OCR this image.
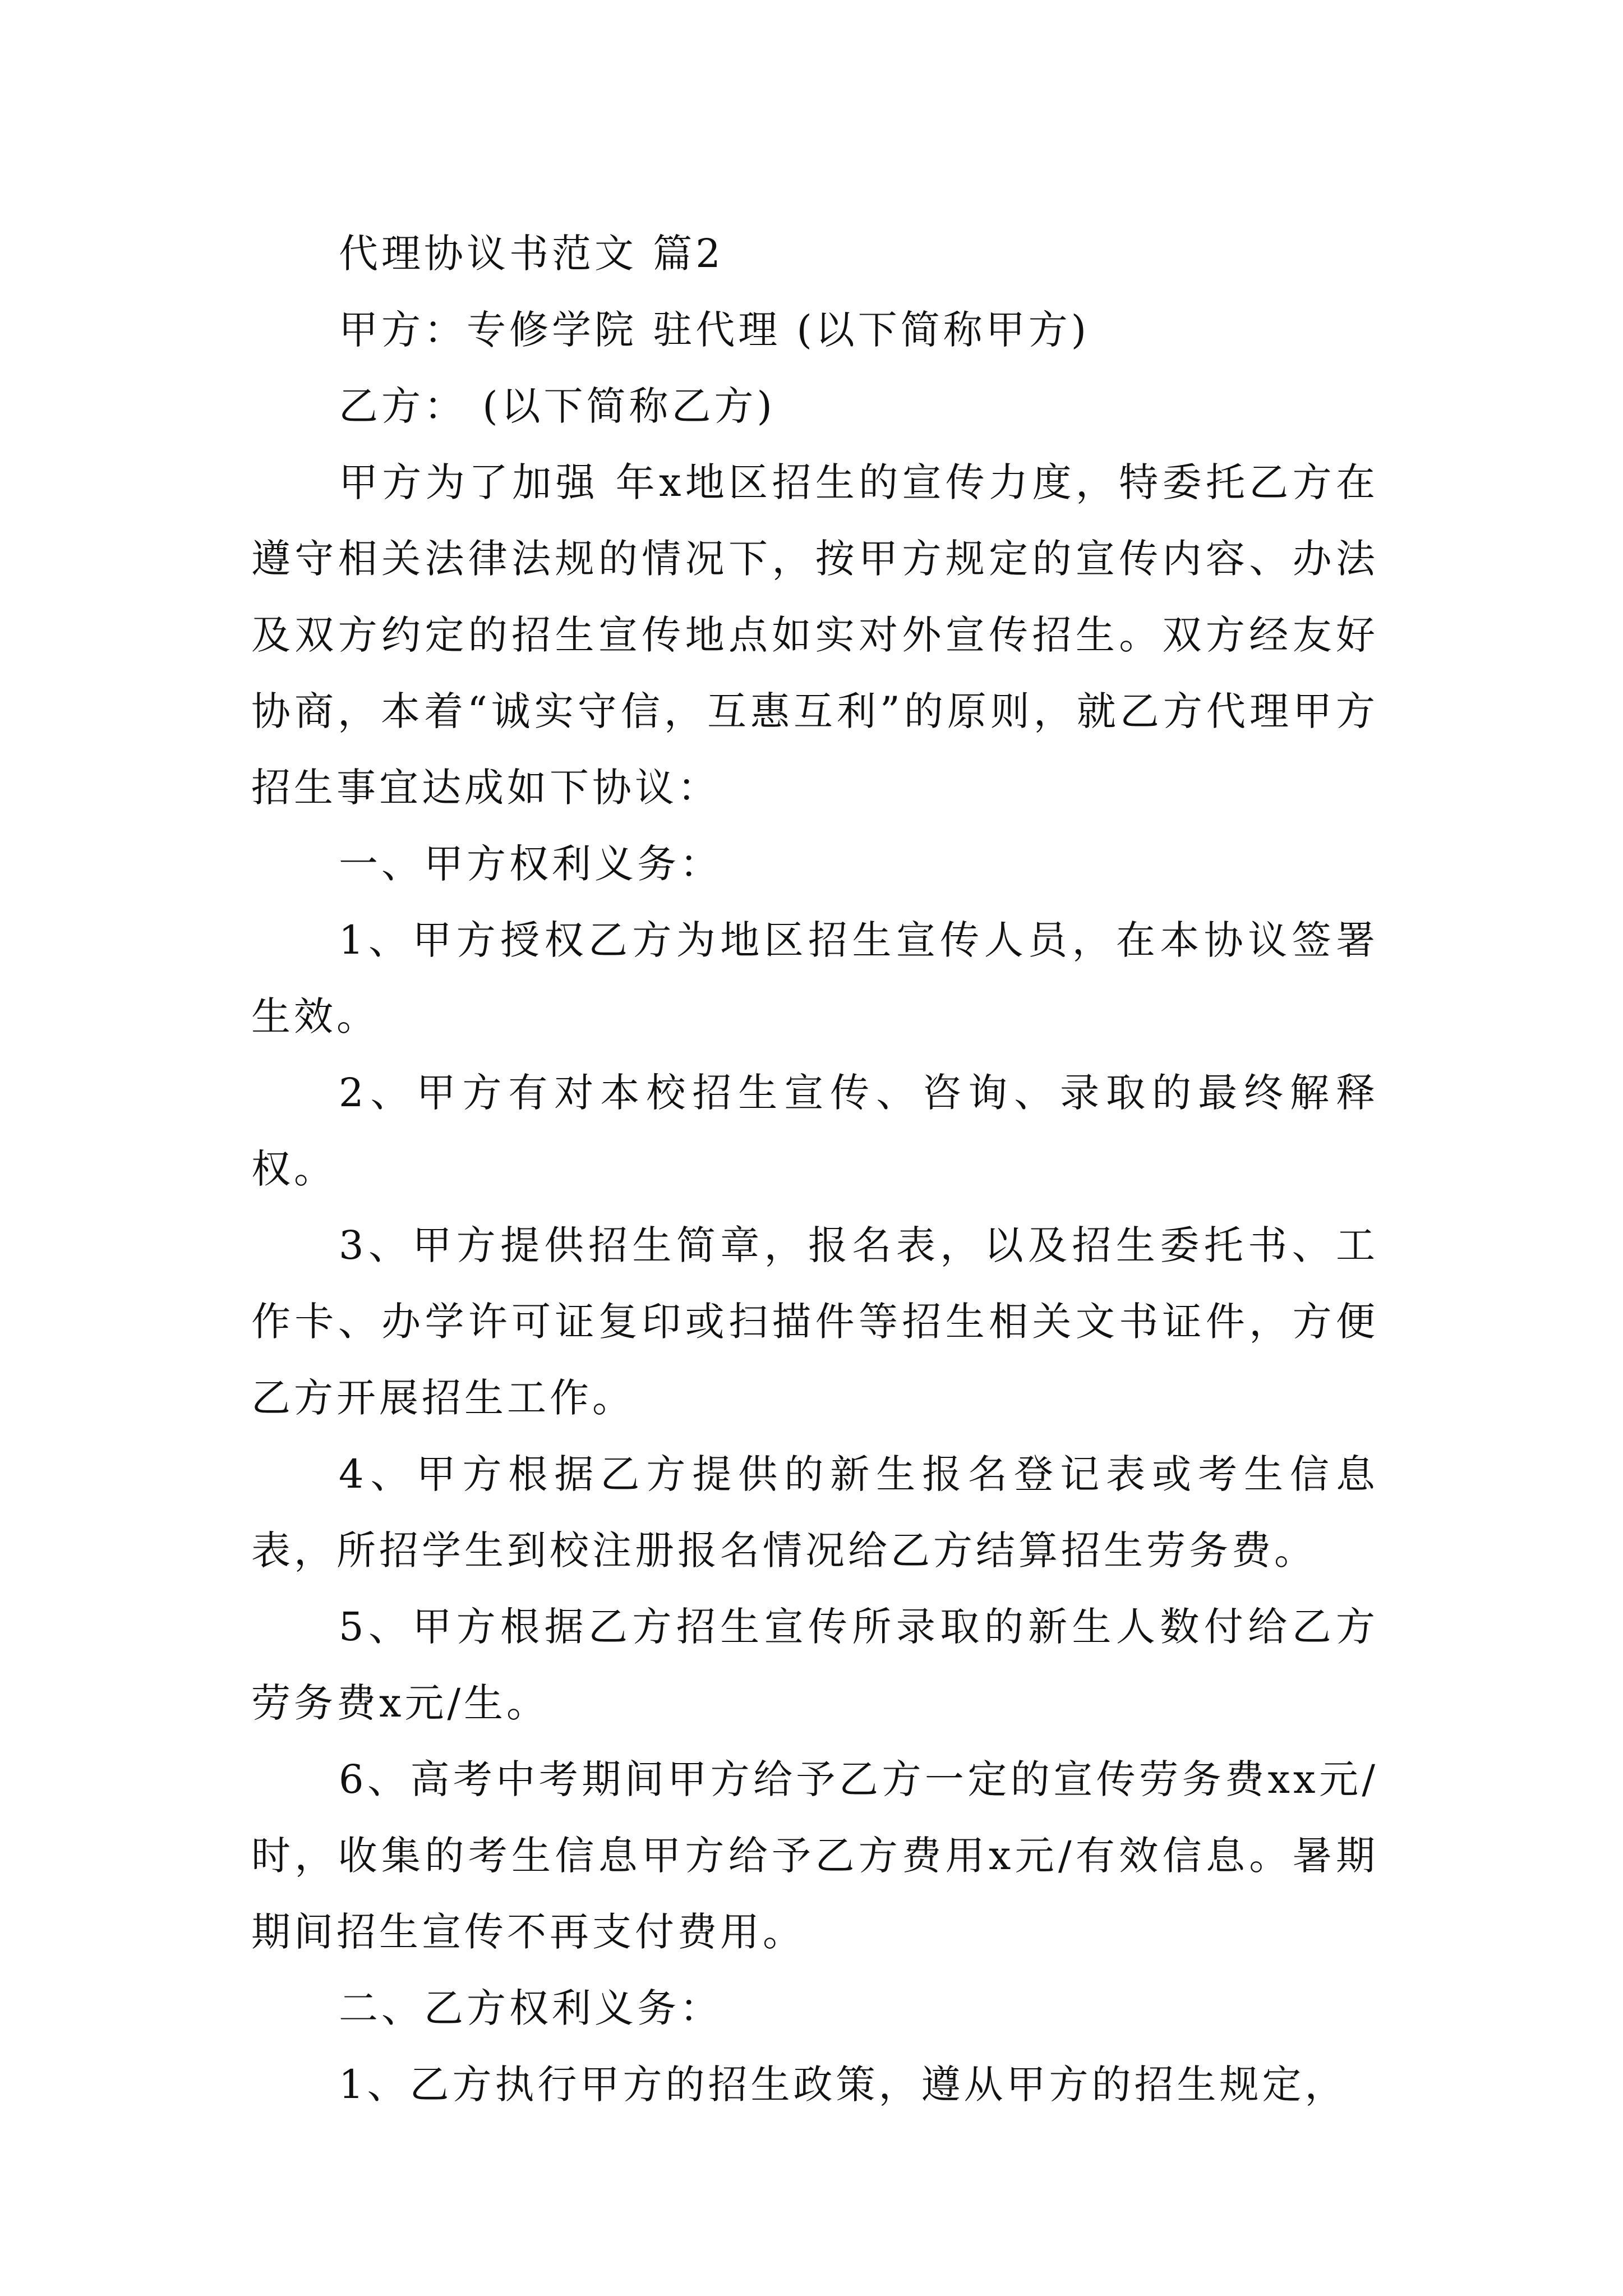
代理协议书范文 篇2

甲方：专修学院 驻代理 (以下简称甲方)

乙方： (以下简称乙方)

甲方为了加强 年x地区招生的宣传力度，特委托乙方在遵守相关法律法规的情况下，按甲方规定的宣传内容、办法及双方约定的招生宣传地点如实对外宣传招生。双方经友好协商，本着“诚实守信，互惠互利”的原则，就乙方代理甲方招生事宜达成如下协议：

一、甲方权利义务：

1、甲方授权乙方为地区招生宣传人员，在本协议签署生效。

2、甲方有对本校招生宣传、咨询、录取的最终解释权。

3、甲方提供招生简章，报名表，以及招生委托书、工作卡、办学许可证复印或扫描件等招生相关文书证件，方便乙方开展招生工作。

4、甲方根据乙方提供的新生报名登记表或考生信息表，所招学生到校注册报名情况给乙方结算招生劳务费。

5、甲方根据乙方招生宣传所录取的新生人数付给乙方劳务费x元/生。

6、高考中考期间甲方给予乙方一定的宣传劳务费xx元/时，收集的考生信息甲方给予乙方费用x元/有效信息。暑期期间招生宣传不再支付费用。

二、乙方权利义务：

1、乙方执行甲方的招生政策，遵从甲方的招生规定，
